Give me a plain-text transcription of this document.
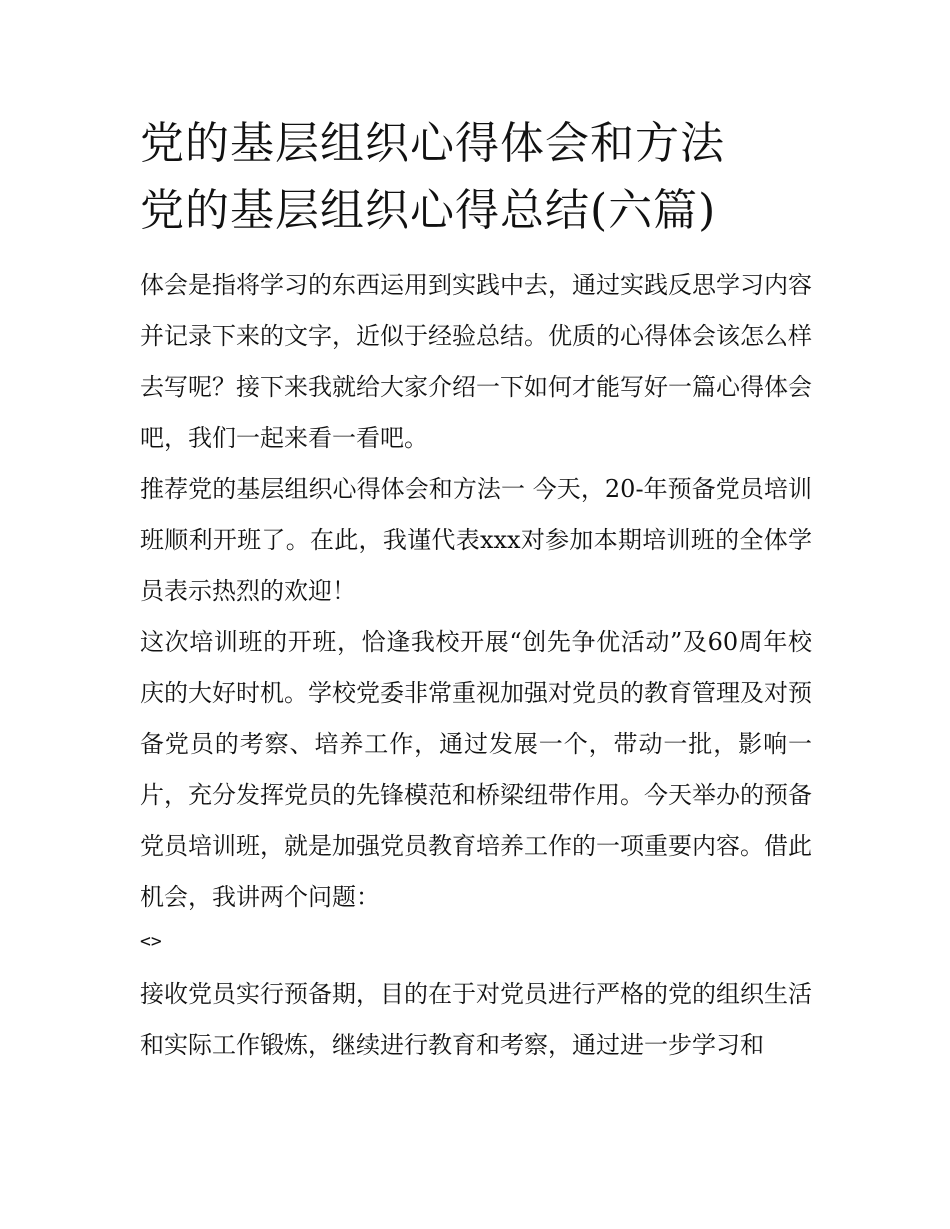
党的基层组织心得体会和方法
党的基层组织心得总结(六篇)

体会是指将学习的东西运用到实践中去，通过实践反思学习内容并记录下来的文字，近似于经验总结。优质的心得体会该怎么样去写呢？接下来我就给大家介绍一下如何才能写好一篇心得体会吧，我们一起来看一看吧。

推荐党的基层组织心得体会和方法一 今天，20-年预备党员培训班顺利开班了。在此，我谨代表xxx对参加本期培训班的全体学员表示热烈的欢迎！

这次培训班的开班，恰逢我校开展“创先争优活动”及60周年校庆的大好时机。学校党委非常重视加强对党员的教育管理及对预备党员的考察、培养工作，通过发展一个，带动一批，影响一片，充分发挥党员的先锋模范和桥梁纽带作用。今天举办的预备党员培训班，就是加强党员教育培养工作的一项重要内容。借此机会，我讲两个问题：

<>

接收党员实行预备期，目的在于对党员进行严格的党的组织生活和实际工作锻炼，继续进行教育和考察，通过进一步学习和
